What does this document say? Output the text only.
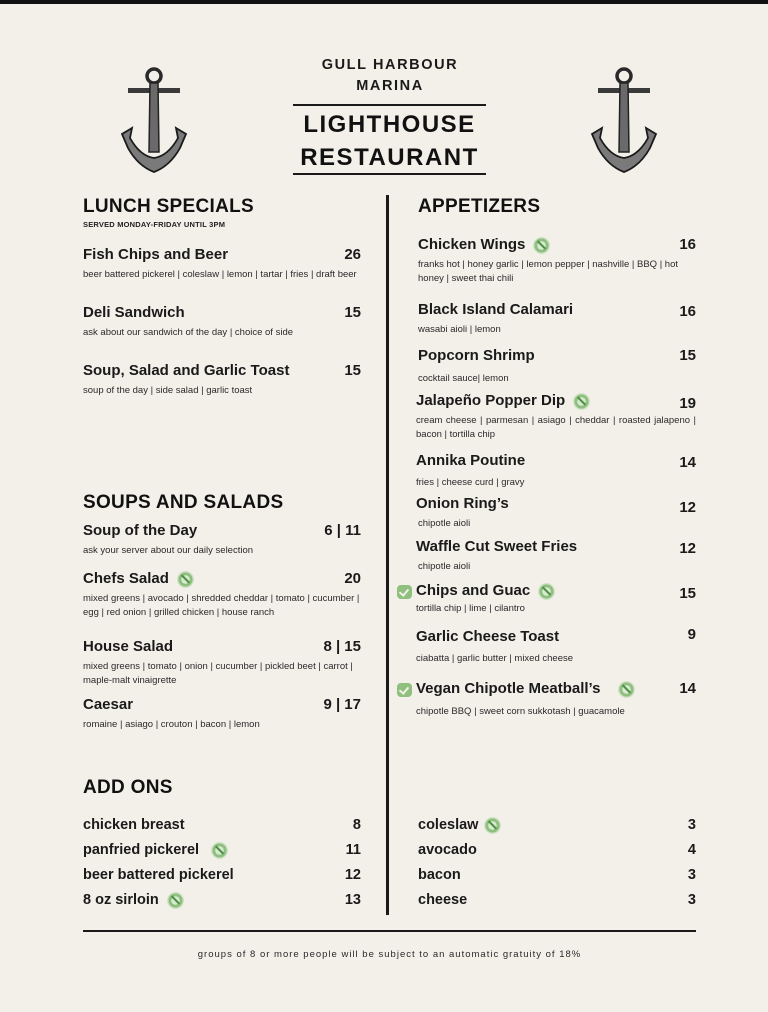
GULL HARBOUR
MARINA
LIGHTHOUSE
RESTAURANT
LUNCH SPECIALS
SERVED MONDAY-FRIDAY UNTIL 3PM
Fish Chips and Beer	26
beer battered pickerel | coleslaw | lemon | tartar | fries | draft beer
Deli Sandwich	15
ask about our sandwich of the day | choice of side
Soup, Salad and Garlic Toast	15
soup of the day | side salad | garlic toast
SOUPS AND SALADS
Soup of the Day	6 | 11
ask your server about our daily selection
Chefs Salad	20
mixed greens | avocado | shredded cheddar | tomato | cucumber | egg | red onion | grilled chicken | house ranch
House Salad	8 | 15
mixed greens | tomato | onion | cucumber | pickled beet | carrot | maple-malt vinaigrette
Caesar	9 | 17
romaine | asiago | crouton | bacon | lemon
APPETIZERS
Chicken Wings	16
franks hot | honey garlic | lemon pepper | nashville | BBQ | hot honey | sweet thai chili
Black Island Calamari	16
wasabi aioli | lemon
Popcorn Shrimp	15
cocktail sauce| lemon
Jalapeño Popper Dip	19
cream cheese | parmesan | asiago | cheddar | roasted jalapeno | bacon | tortilla chip
Annika Poutine	14
fries | cheese curd | gravy
Onion Ring’s	12
chipotle aioli
Waffle Cut Sweet Fries	12
chipotle aioli
Chips and Guac	15
tortilla chip | lime | cilantro
Garlic Cheese Toast	9
ciabatta | garlic butter | mixed cheese
Vegan Chipotle Meatball’s	14
chipotle BBQ | sweet corn sukkotash | guacamole
ADD ONS
chicken breast	8
panfried pickerel	11
beer battered pickerel	12
8 oz sirloin	13
coleslaw	3
avocado	4
bacon	3
cheese	3
groups of 8 or more people will be subject to an automatic gratuity of 18%
